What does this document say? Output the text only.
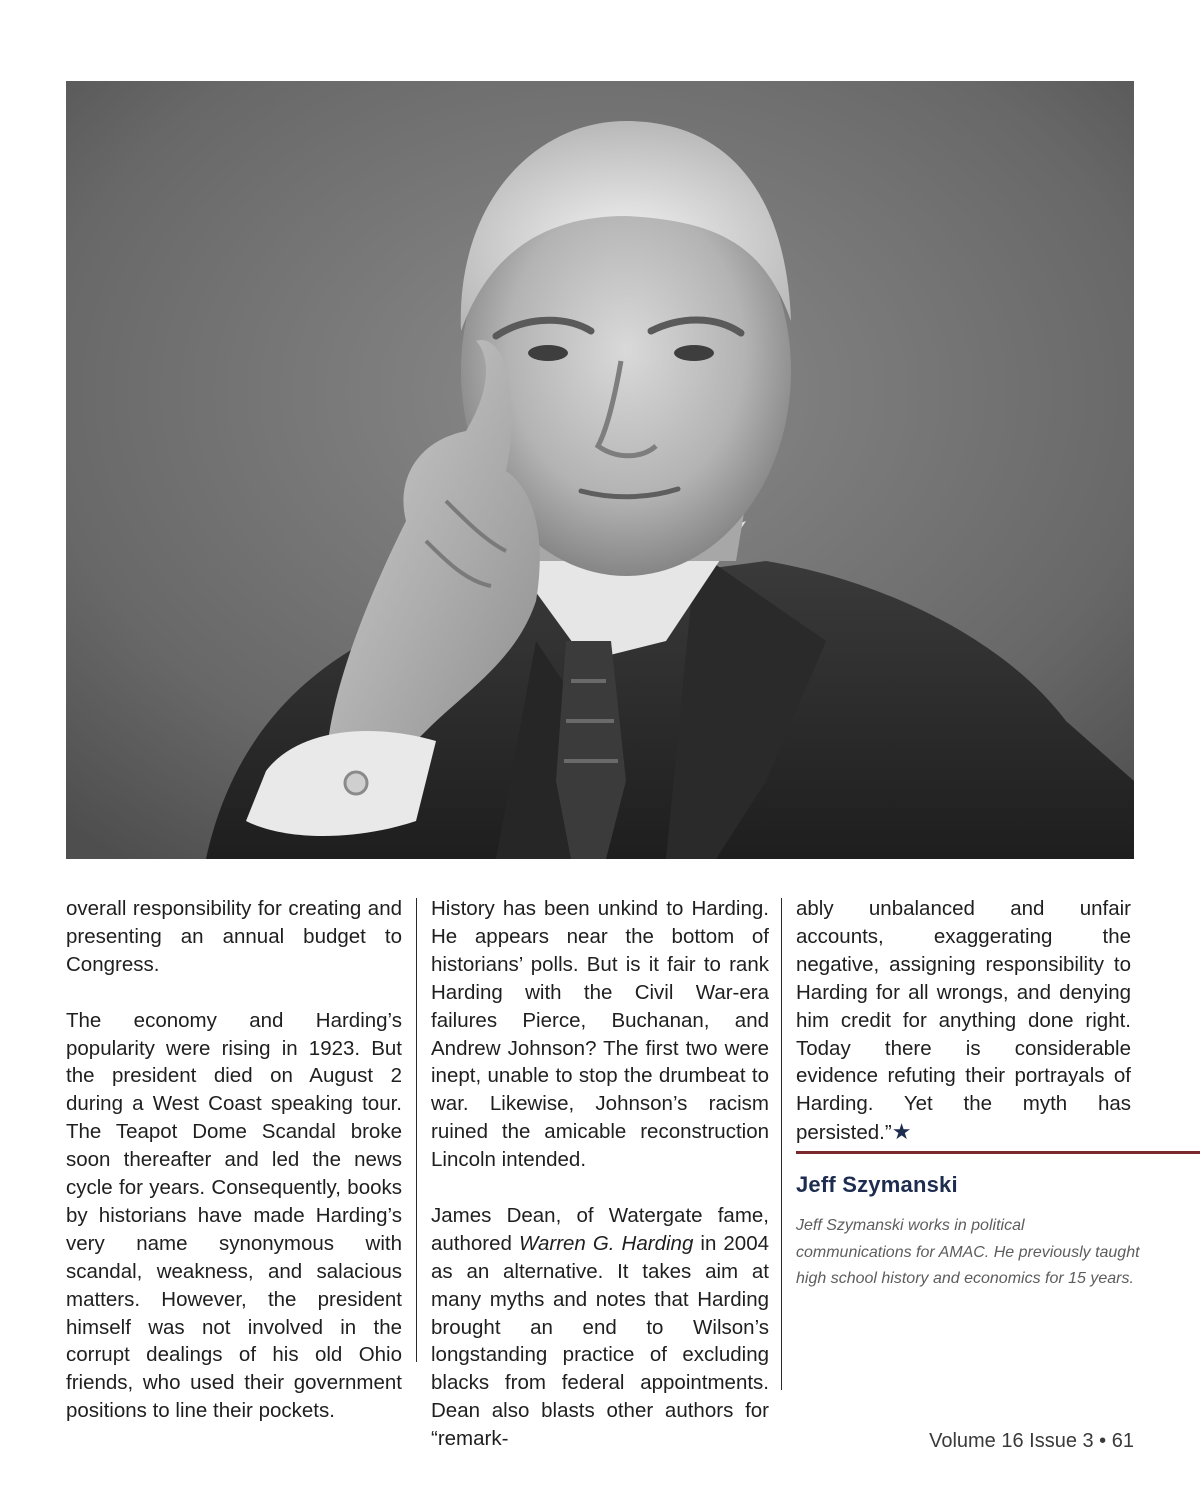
overall responsibility for creating and presenting an annual budget to Congress.

The economy and Harding’s popularity were rising in 1923. But the president died on August 2 during a West Coast speaking tour. The Teapot Dome Scandal broke soon thereafter and led the news cycle for years. Consequently, books by historians have made Harding’s very name synonymous with scandal, weakness, and salacious matters. However, the president himself was not involved in the corrupt dealings of his old Ohio friends, who used their government positions to line their pockets.

History has been unkind to Harding. He appears near the bottom of historians’ polls. But is it fair to rank Harding with the Civil War-era failures Pierce, Buchanan, and Andrew Johnson? The first two were inept, unable to stop the drumbeat to war. Likewise, Johnson’s racism ruined the amicable reconstruction Lincoln intended.

James Dean, of Watergate fame, authored Warren G. Harding in 2004 as an alternative. It takes aim at many myths and notes that Harding brought an end to Wilson’s longstanding practice of excluding blacks from federal appointments. Dean also blasts other authors for “remark-

ably unbalanced and unfair accounts, exaggerating the negative, assigning responsibility to Harding for all wrongs, and denying him credit for anything done right. Today there is considerable evidence refuting their portrayals of Harding. Yet the myth has persisted.”★

Jeff Szymanski
Jeff Szymanski works in political communications for AMAC. He previously taught high school history and economics for 15 years.
Volume 16 Issue 3 • 61
